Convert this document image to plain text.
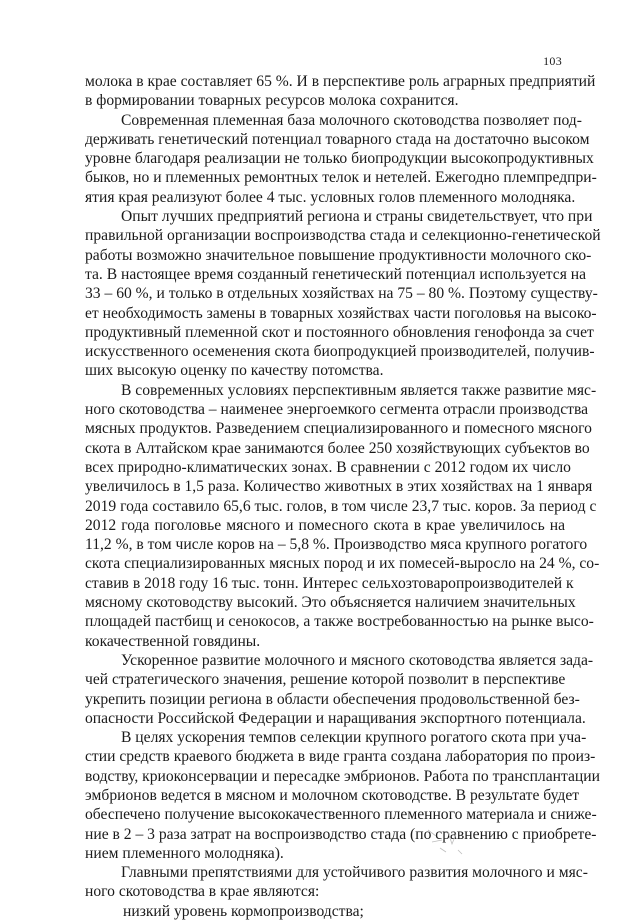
103
молока в крае составляет 65 %. И в перспективе роль аграрных предприятий
в формировании товарных ресурсов молока сохранится.
Современная племенная база молочного скотоводства позволяет под-
держивать генетический потенциал товарного стада на достаточно высоком
уровне благодаря реализации не только биопродукции высокопродуктивных
быков, но и племенных ремонтных телок и нетелей. Ежегодно племпредпри-
ятия края реализуют более 4 тыс. условных голов племенного молодняка.
Опыт лучших предприятий региона и страны свидетельствует, что при
правильной организации воспроизводства стада и селекционно-генетической
работы возможно значительное повышение продуктивности молочного ско-
та. В настоящее время созданный генетический потенциал используется на
33 – 60 %, и только в отдельных хозяйствах на 75 – 80 %. Поэтому существу-
ет необходимость замены в товарных хозяйствах части поголовья на высоко-
продуктивный племенной скот и постоянного обновления генофонда за счет
искусственного осеменения скота биопродукцией производителей, получив-
ших высокую оценку по качеству потомства.
В современных условиях перспективным является также развитие мяс-
ного скотоводства – наименее энергоемкого сегмента отрасли производства
мясных продуктов. Разведением специализированного и помесного мясного
скота в Алтайском крае занимаются более 250 хозяйствующих субъектов во
всех природно-климатических зонах. В сравнении с 2012 годом их число
увеличилось в 1,5 раза. Количество животных в этих хозяйствах на 1 января
2019 года составило 65,6 тыс. голов, в том числе 23,7 тыс. коров. За период с
2012 года поголовье мясного и помесного скота в крае увеличилось на
11,2 %, в том числе коров на – 5,8 %. Производство мяса крупного рогатого
скота специализированных мясных пород и их помесей-выросло на 24 %, со-
ставив в 2018 году 16 тыс. тонн. Интерес сельхозтоваропроизводителей к
мясному скотоводству высокий. Это объясняется наличием значительных
площадей пастбищ и сенокосов, а также востребованностью на рынке высо-
кокачественной говядины.
Ускоренное развитие молочного и мясного скотоводства является зада-
чей стратегического значения, решение которой позволит в перспективе
укрепить позиции региона в области обеспечения продовольственной без-
опасности Российской Федерации и наращивания экспортного потенциала.
В целях ускорения темпов селекции крупного рогатого скота при уча-
стии средств краевого бюджета в виде гранта создана лаборатория по произ-
водству, криоконсервации и пересадке эмбрионов. Работа по трансплантации
эмбрионов ведется в мясном и молочном скотоводстве. В результате будет
обеспечено получение высококачественного племенного материала и сниже-
ние в 2 – 3 раза затрат на воспроизводство стада (по сравнению с приобрете-
нием племенного молодняка).
Главными препятствиями для устойчивого развития молочного и мяс-
ного скотоводства в крае являются:
низкий уровень кормопроизводства;
